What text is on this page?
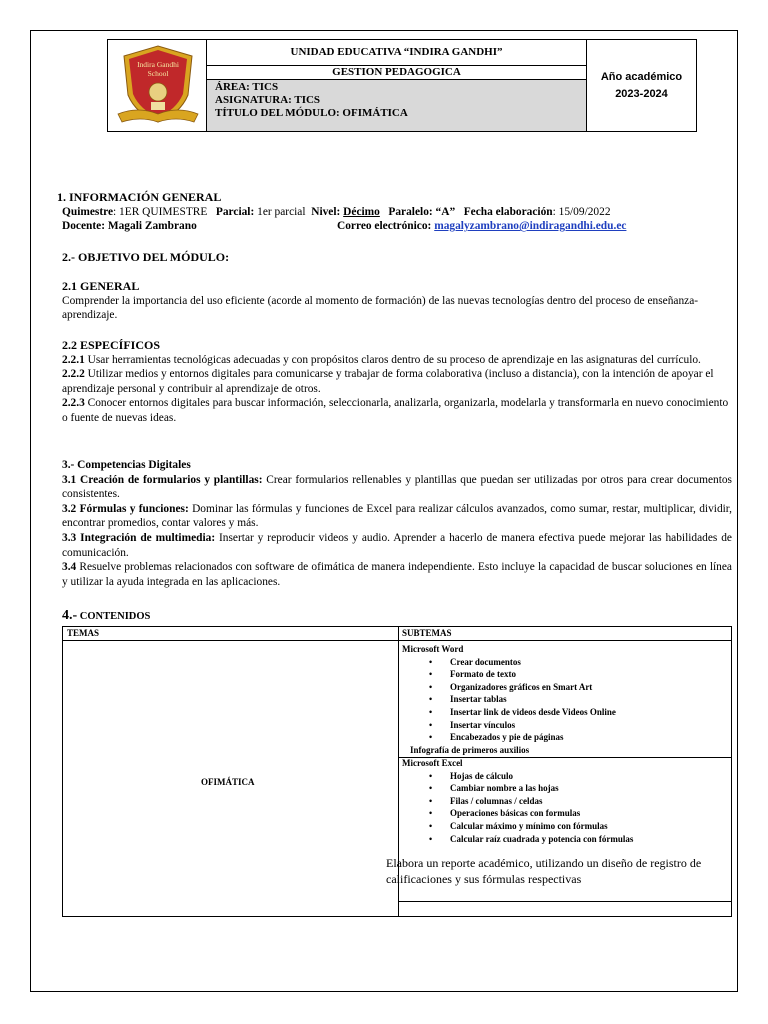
Indira Gandhi
School
UNIDAD EDUCATIVA “INDIRA GANDHI”
GESTION PEDAGOGICA
ÁREA: TICS
ASIGNATURA: TICS
TÍTULO DEL MÓDULO: OFIMÁTICA
Año académico
2023-2024
1. INFORMACIÓN GENERAL
Quimestre: 1ER QUIMESTRE Parcial: 1er parcial Nivel: Décimo Paralelo: “A” Fecha elaboración: 15/09/2022
Docente: Magali Zambrano	Correo electrónico: magalyzambrano@indiragandhi.edu.ec
2.- OBJETIVO DEL MÓDULO:
2.1 GENERAL
Comprender la importancia del uso eficiente (acorde al momento de formación) de las nuevas tecnologías dentro del proceso de enseñanza-aprendizaje.
2.2 ESPECÍFICOS
2.2.1 Usar herramientas tecnológicas adecuadas y con propósitos claros dentro de su proceso de aprendizaje en las asignaturas del currículo.
2.2.2 Utilizar medios y entornos digitales para comunicarse y trabajar de forma colaborativa (incluso a distancia), con la intención de apoyar el aprendizaje personal y contribuir al aprendizaje de otros.
2.2.3 Conocer entornos digitales para buscar información, seleccionarla, analizarla, organizarla, modelarla y transformarla en nuevo conocimiento o fuente de nuevas ideas.
3.- Competencias Digitales
3.1 Creación de formularios y plantillas: Crear formularios rellenables y plantillas que puedan ser utilizadas por otros para crear documentos consistentes.
3.2 Fórmulas y funciones: Dominar las fórmulas y funciones de Excel para realizar cálculos avanzados, como sumar, restar, multiplicar, dividir, encontrar promedios, contar valores y más.
3.3 Integración de multimedia: Insertar y reproducir videos y audio. Aprender a hacerlo de manera efectiva puede mejorar las habilidades de comunicación.
3.4 Resuelve problemas relacionados con software de ofimática de manera independiente. Esto incluye la capacidad de buscar soluciones en línea y utilizar la ayuda integrada en las aplicaciones.
4.- CONTENIDOS
TEMAS	SUBTEMAS
OFIMÁTICA
Microsoft Word
• Crear documentos
• Formato de texto
• Organizadores gráficos en Smart Art
• Insertar tablas
• Insertar link de videos desde Videos Online
• Insertar vínculos
• Encabezados y pie de páginas
Infografía de primeros auxilios
Microsoft Excel
• Hojas de cálculo
• Cambiar nombre a las hojas
• Filas / columnas / celdas
• Operaciones básicas con formulas
• Calcular máximo y mínimo con fórmulas
• Calcular raíz cuadrada y potencia con fórmulas
Elabora un reporte académico, utilizando un diseño de registro de calificaciones y sus fórmulas respectivas
